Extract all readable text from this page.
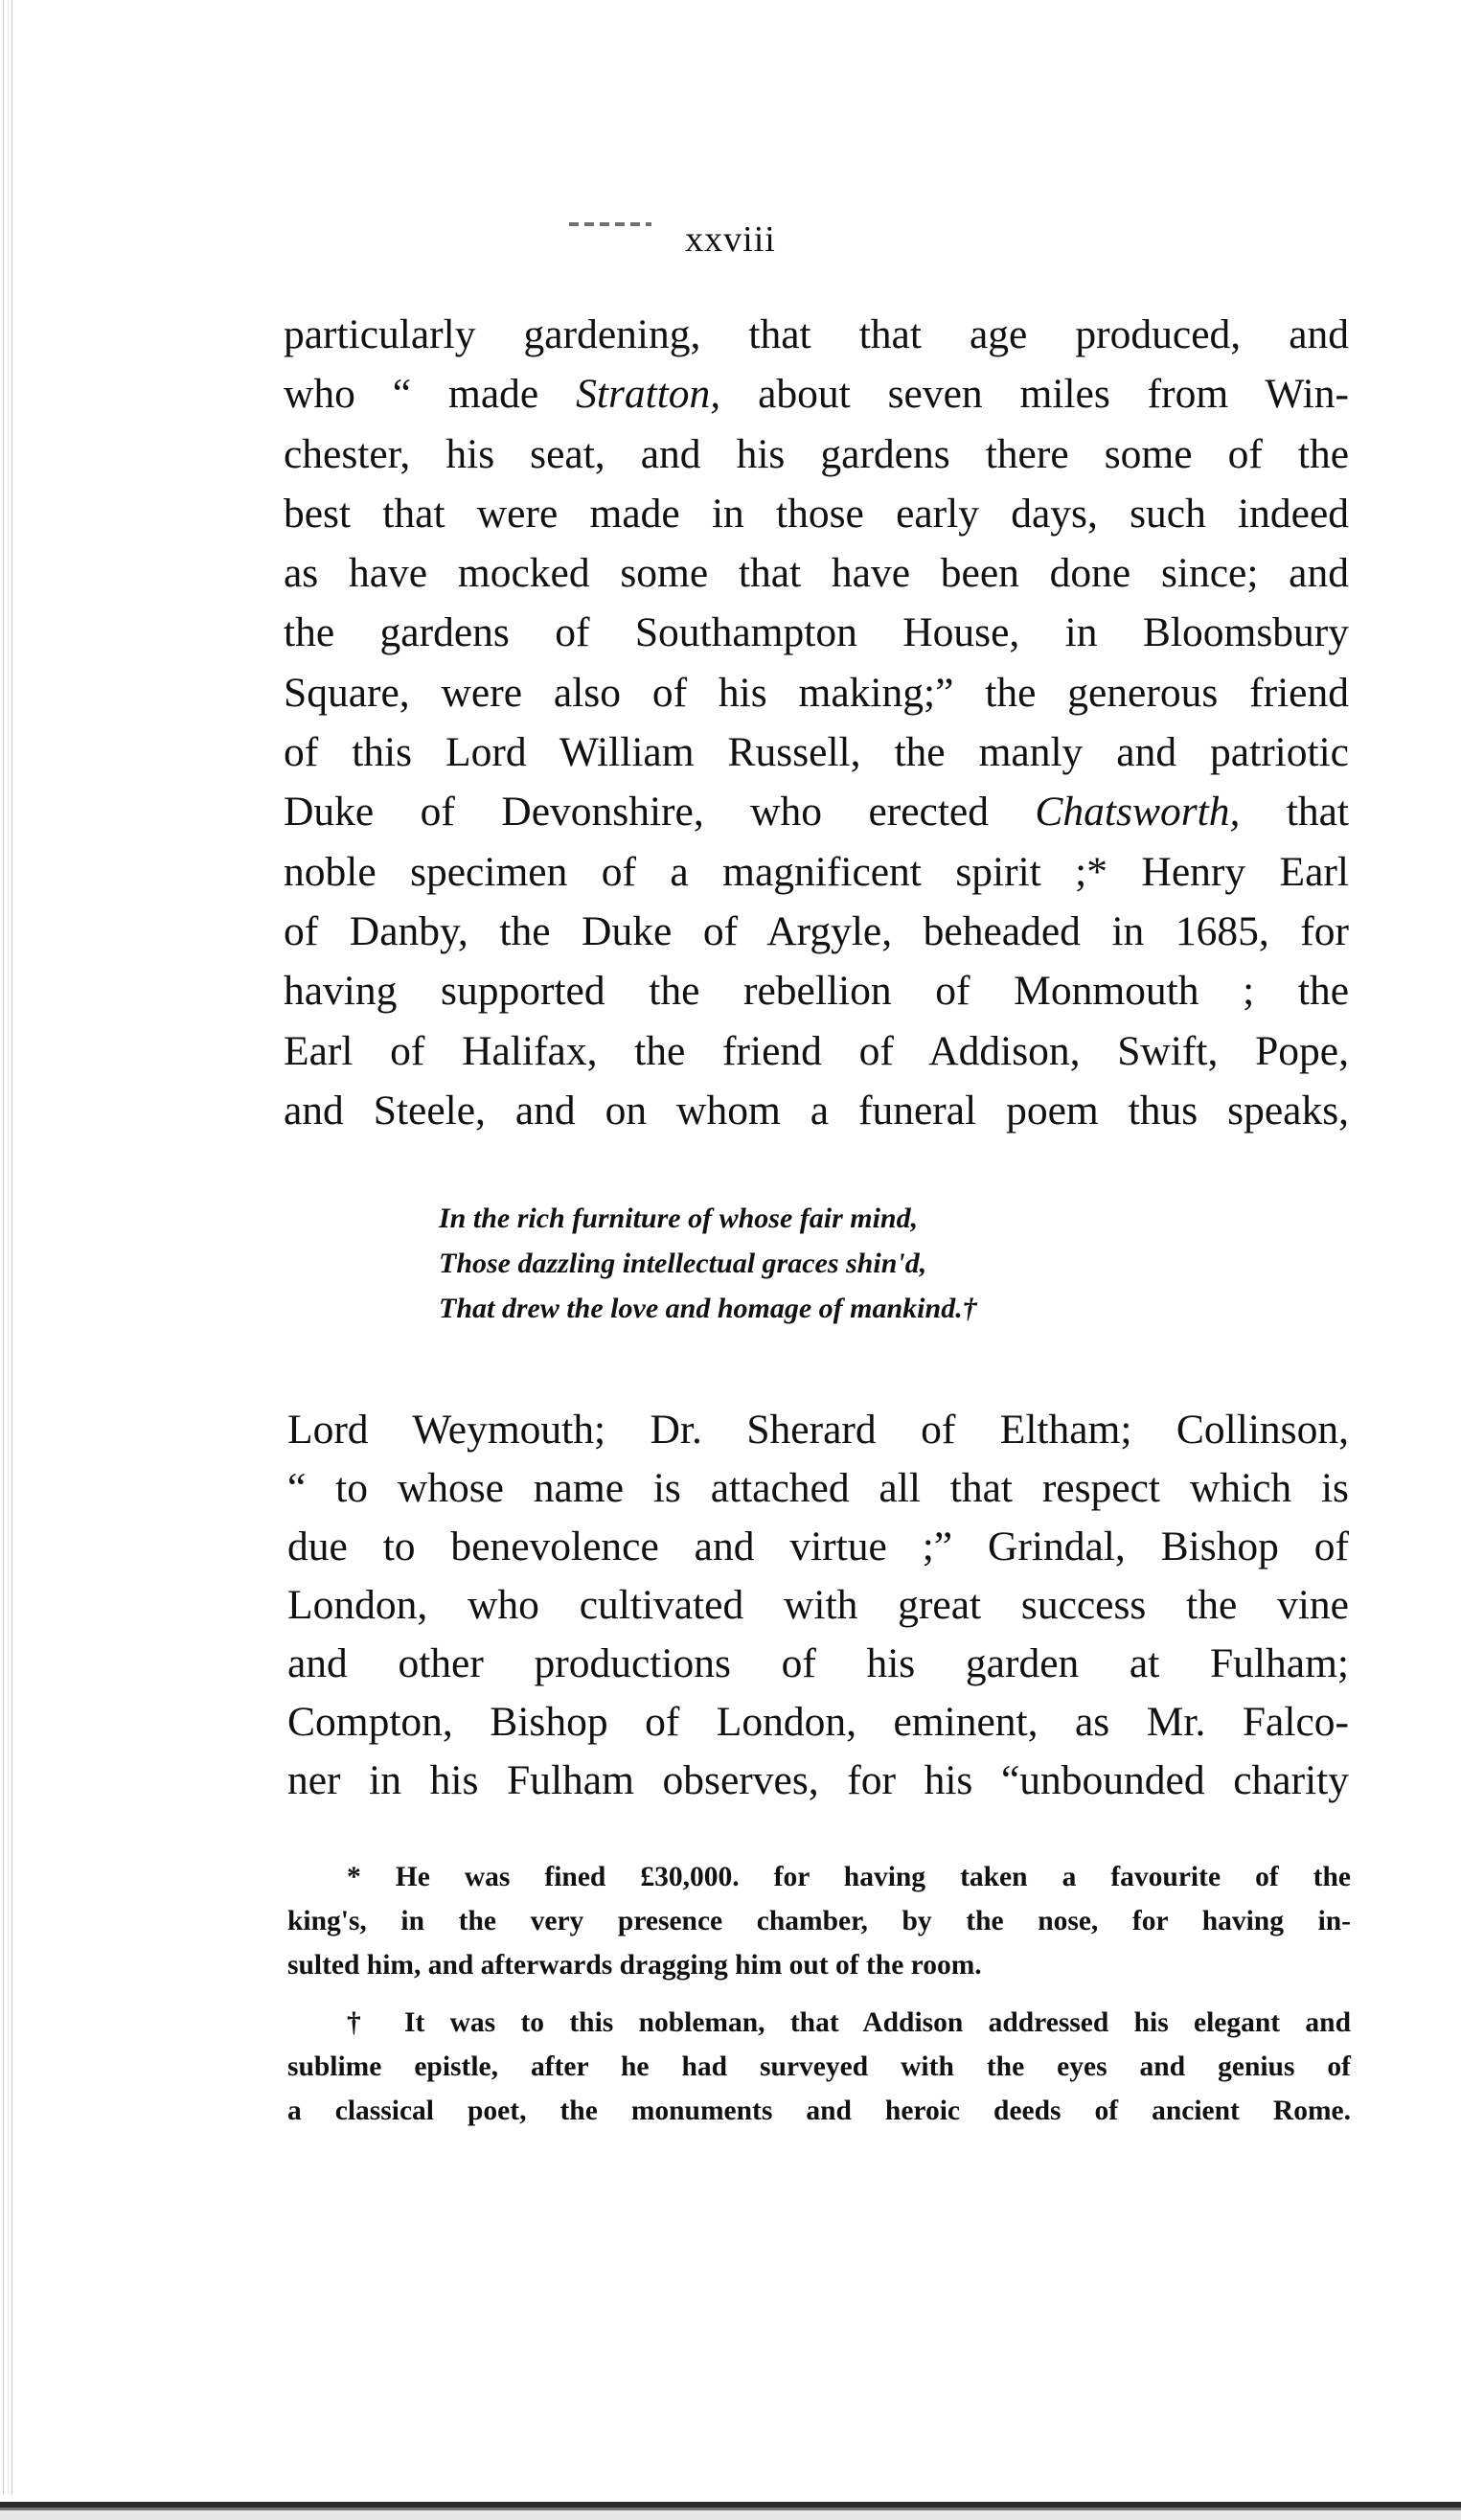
xxviii
particularly gardening, that that age produced, and
who “ made Stratton, about seven miles from Win-
chester, his seat, and his gardens there some of the
best that were made in those early days, such indeed
as have mocked some that have been done since; and
the gardens of Southampton House, in Bloomsbury
Square, were also of his making;” the generous friend
of this Lord William Russell, the manly and patriotic
Duke of Devonshire, who erected Chatsworth, that
noble specimen of a magnificent spirit ;* Henry Earl
of Danby, the Duke of Argyle, beheaded in 1685, for
having supported the rebellion of Monmouth ; the
Earl of Halifax, the friend of Addison, Swift, Pope,
and Steele, and on whom a funeral poem thus speaks,
In the rich furniture of whose fair mind,
Those dazzling intellectual graces shin'd,
That drew the love and homage of mankind.†
Lord Weymouth; Dr. Sherard of Eltham; Collinson,
“ to whose name is attached all that respect which is
due to benevolence and virtue ;” Grindal, Bishop of
London, who cultivated with great success the vine
and other productions of his garden at Fulham;
Compton, Bishop of London, eminent, as Mr. Falco-
ner in his Fulham observes, for his “unbounded charity
* He was fined £30,000. for having taken a favourite of the
king's, in the very presence chamber, by the nose, for having in-
sulted him, and afterwards dragging him out of the room.
† It was to this nobleman, that Addison addressed his elegant and
sublime epistle, after he had surveyed with the eyes and genius of
a classical poet, the monuments and heroic deeds of ancient Rome.
